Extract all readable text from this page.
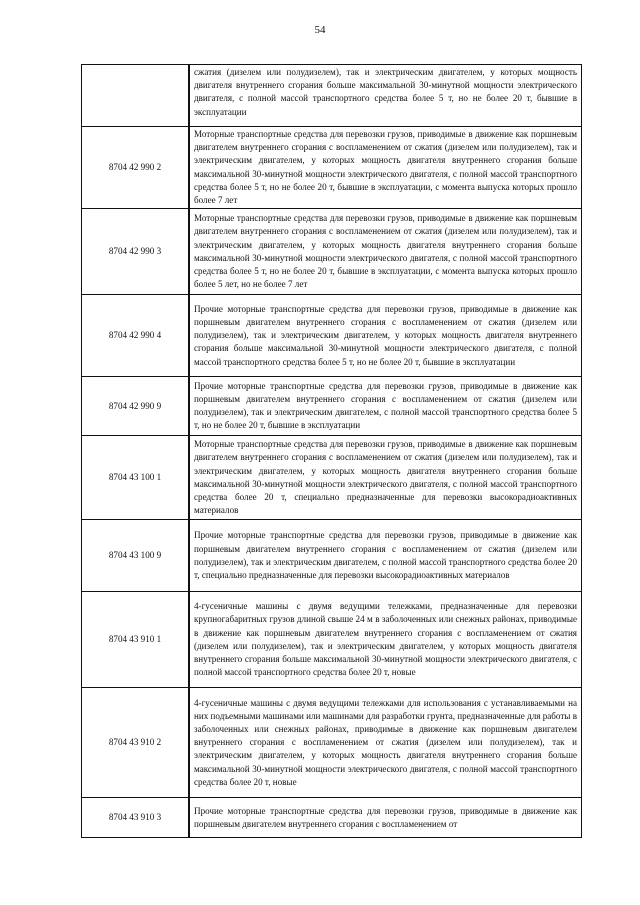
54
	сжатия (дизелем или полудизелем), так и электрическим двигателем, у которых мощность двигателя внутреннего сгорания больше максимальной 30-минутной мощности электрического двигателя, с полной массой транспортного средства более 5 т, но не более 20 т, бывшие в эксплуатации
8704 42 990 2	Моторные транспортные средства для перевозки грузов, приводимые в движение как поршневым двигателем внутреннего сгорания с воспламенением от сжатия (дизелем или полудизелем), так и электрическим двигателем, у которых мощность двигателя внутреннего сгорания больше максимальной 30-минутной мощности электрического двигателя, с полной массой транспортного средства более 5 т, но не более 20 т, бывшие в эксплуатации, с момента выпуска которых прошло более 7 лет
8704 42 990 3	Моторные транспортные средства для перевозки грузов, приводимые в движение как поршневым двигателем внутреннего сгорания с воспламенением от сжатия (дизелем или полудизелем), так и электрическим двигателем, у которых мощность двигателя внутреннего сгорания больше максимальной 30-минутной мощности электрического двигателя, с полной массой транспортного средства более 5 т, но не более 20 т, бывшие в эксплуатации, с момента выпуска которых прошло более 5 лет, но не более 7 лет
8704 42 990 4	Прочие моторные транспортные средства для перевозки грузов, приводимые в движение как поршневым двигателем внутреннего сгорания с воспламенением от сжатия (дизелем или полудизелем), так и электрическим двигателем, у которых мощность двигателя внутреннего сгорания больше максимальной 30-минутной мощности электрического двигателя, с полной массой транспортного средства более 5 т, но не более 20 т, бывшие в эксплуатации
8704 42 990 9	Прочие моторные транспортные средства для перевозки грузов, приводимые в движение как поршневым двигателем внутреннего сгорания с воспламенением от сжатия (дизелем или полудизелем), так и электрическим двигателем, с полной массой транспортного средства более 5 т, но не более 20 т, бывшие в эксплуатации
8704 43 100 1	Моторные транспортные средства для перевозки грузов, приводимые в движение как поршневым двигателем внутреннего сгорания с воспламенением от сжатия (дизелем или полудизелем), так и электрическим двигателем, у которых мощность двигателя внутреннего сгорания больше максимальной 30-минутной мощности электрического двигателя, с полной массой транспортного средства более 20 т, специально предназначенные для перевозки высокорадиоактивных материалов
8704 43 100 9	Прочие моторные транспортные средства для перевозки грузов, приводимые в движение как поршневым двигателем внутреннего сгорания с воспламенением от сжатия (дизелем или полудизелем), так и электрическим двигателем, с полной массой транспортного средства более 20 т, специально предназначенные для перевозки высокорадиоактивных материалов
8704 43 910 1	4-гусеничные машины с двумя ведущими тележками, предназначенные для перевозки крупногабаритных грузов длиной свыше 24 м в заболоченных или снежных районах, приводимые в движение как поршневым двигателем внутреннего сгорания с воспламенением от сжатия (дизелем или полудизелем), так и электрическим двигателем, у которых мощность двигателя внутреннего сгорания больше максимальной 30-минутной мощности электрического двигателя, с полной массой транспортного средства более 20 т, новые
8704 43 910 2	4-гусеничные машины с двумя ведущими тележками для использования с устанавливаемыми на них подъемными машинами или машинами для разработки грунта, предназначенные для работы в заболоченных или снежных районах, приводимые в движение как поршневым двигателем внутреннего сгорания с воспламенением от сжатия (дизелем или полудизелем), так и электрическим двигателем, у которых мощность двигателя внутреннего сгорания больше максимальной 30-минутной мощности электрического двигателя, с полной массой транспортного средства более 20 т, новые
8704 43 910 3	Прочие моторные транспортные средства для перевозки грузов, приводимые в движение как поршневым двигателем внутреннего сгорания с воспламенением от
